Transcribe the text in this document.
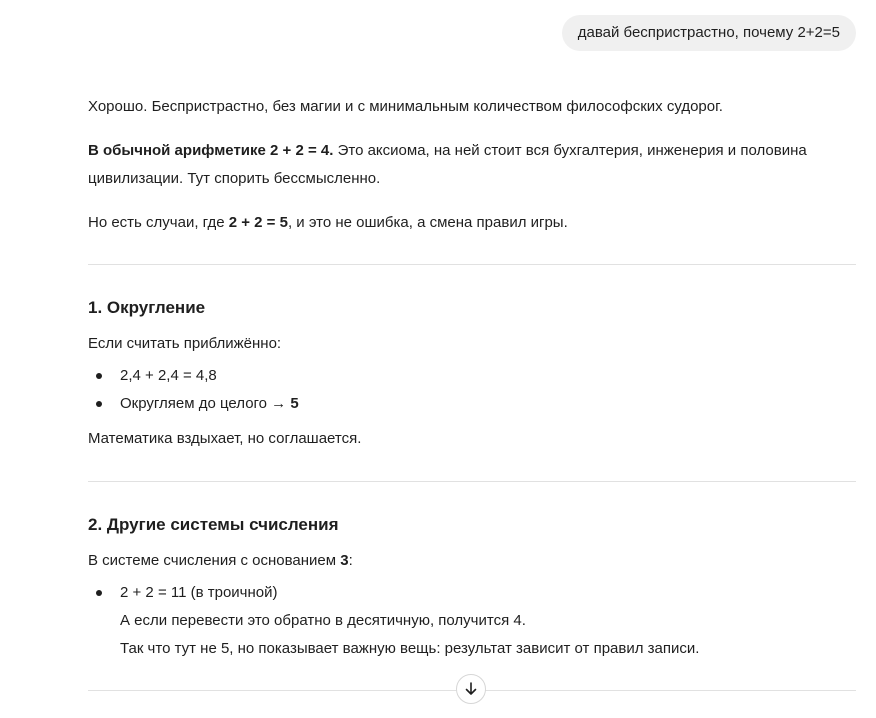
давай беспристрастно, почему 2+2=5

Хорошо. Беспристрастно, без магии и с минимальным количеством философских судорог.

В обычной арифметике 2 + 2 = 4. Это аксиома, на ней стоит вся бухгалтерия, инженерия и половина
цивилизации. Тут спорить бессмысленно.

Но есть случаи, где 2 + 2 = 5, и это не ошибка, а смена правил игры.

1. Округление

Если считать приближённо:

2,4 + 2,4 = 4,8
Округляем до целого → 5

Математика вздыхает, но соглашается.

2. Другие системы счисления

В системе счисления с основанием 3:

2 + 2 = 11 (в троичной)
А если перевести это обратно в десятичную, получится 4.
Так что тут не 5, но показывает важную вещь: результат зависит от правил записи.
